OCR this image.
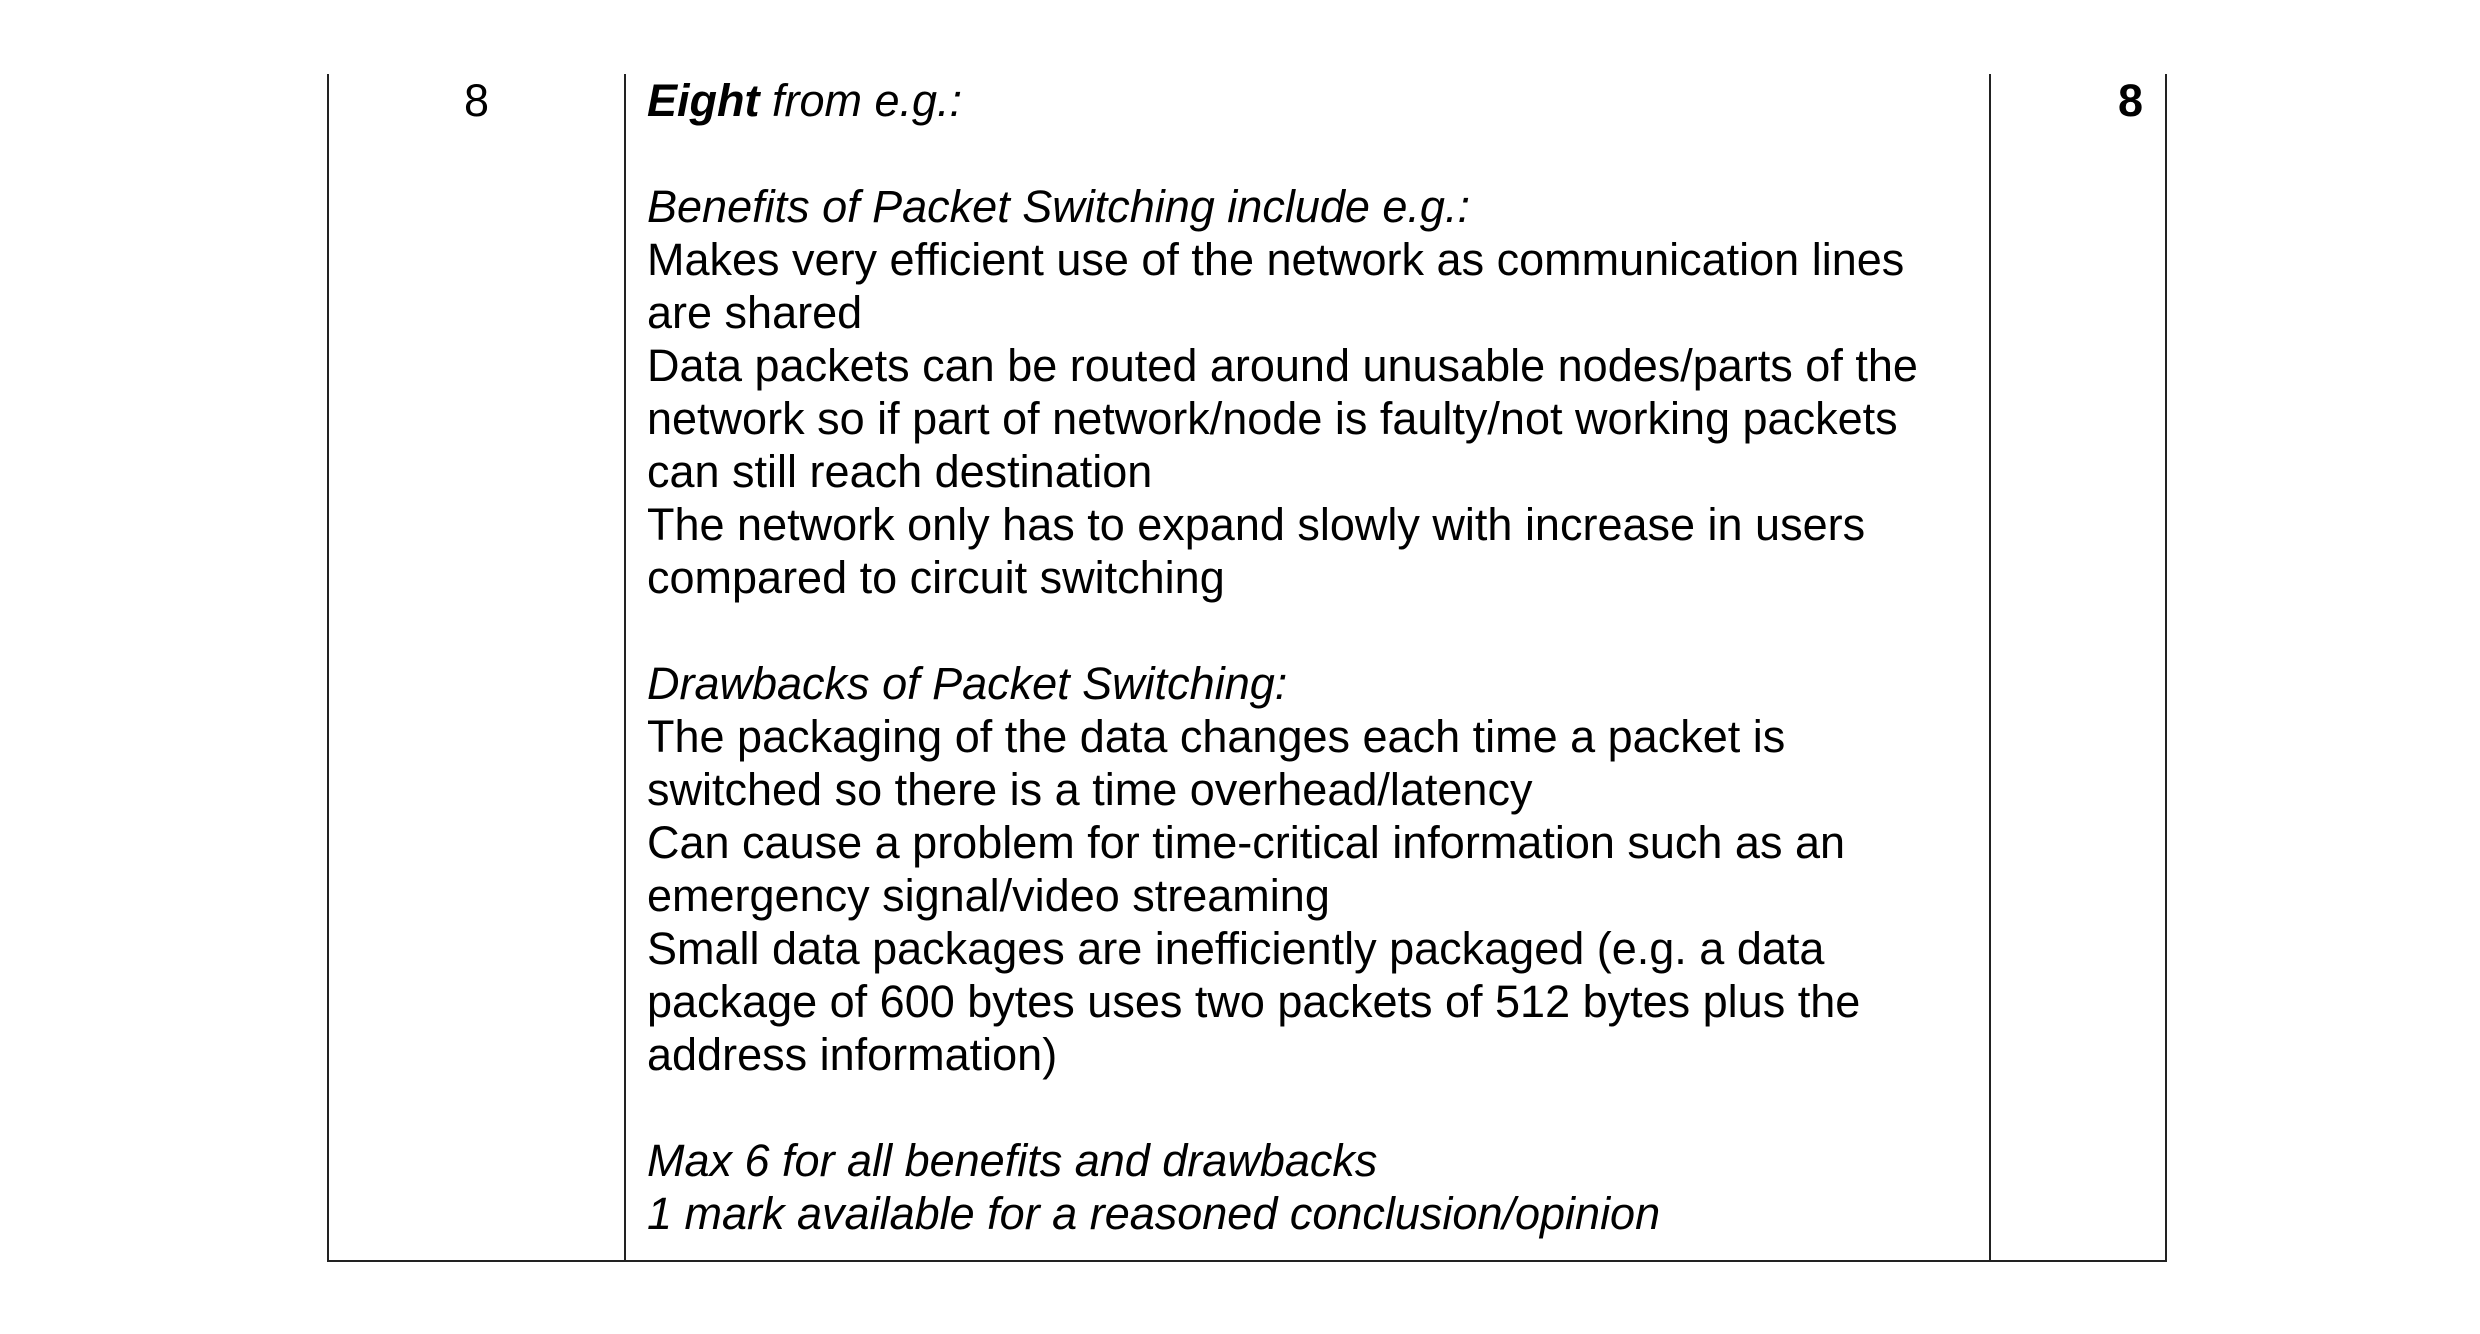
8	Eight from e.g.:

Benefits of Packet Switching include e.g.:

Makes very efficient use of the network as communication lines

are shared

Data packets can be routed around unusable nodes/parts of the

network so if part of network/node is faulty/not working packets

can still reach destination

The network only has to expand slowly with increase in users

compared to circuit switching

Drawbacks of Packet Switching:

The packaging of the data changes each time a packet is

switched so there is a time overhead/latency

Can cause a problem for time-critical information such as an

emergency signal/video streaming

Small data packages are inefficiently packaged (e.g. a data

package of 600 bytes uses two packets of 512 bytes plus the

address information)

Max 6 for all benefits and drawbacks

1 mark available for a reasoned conclusion/opinion

8
